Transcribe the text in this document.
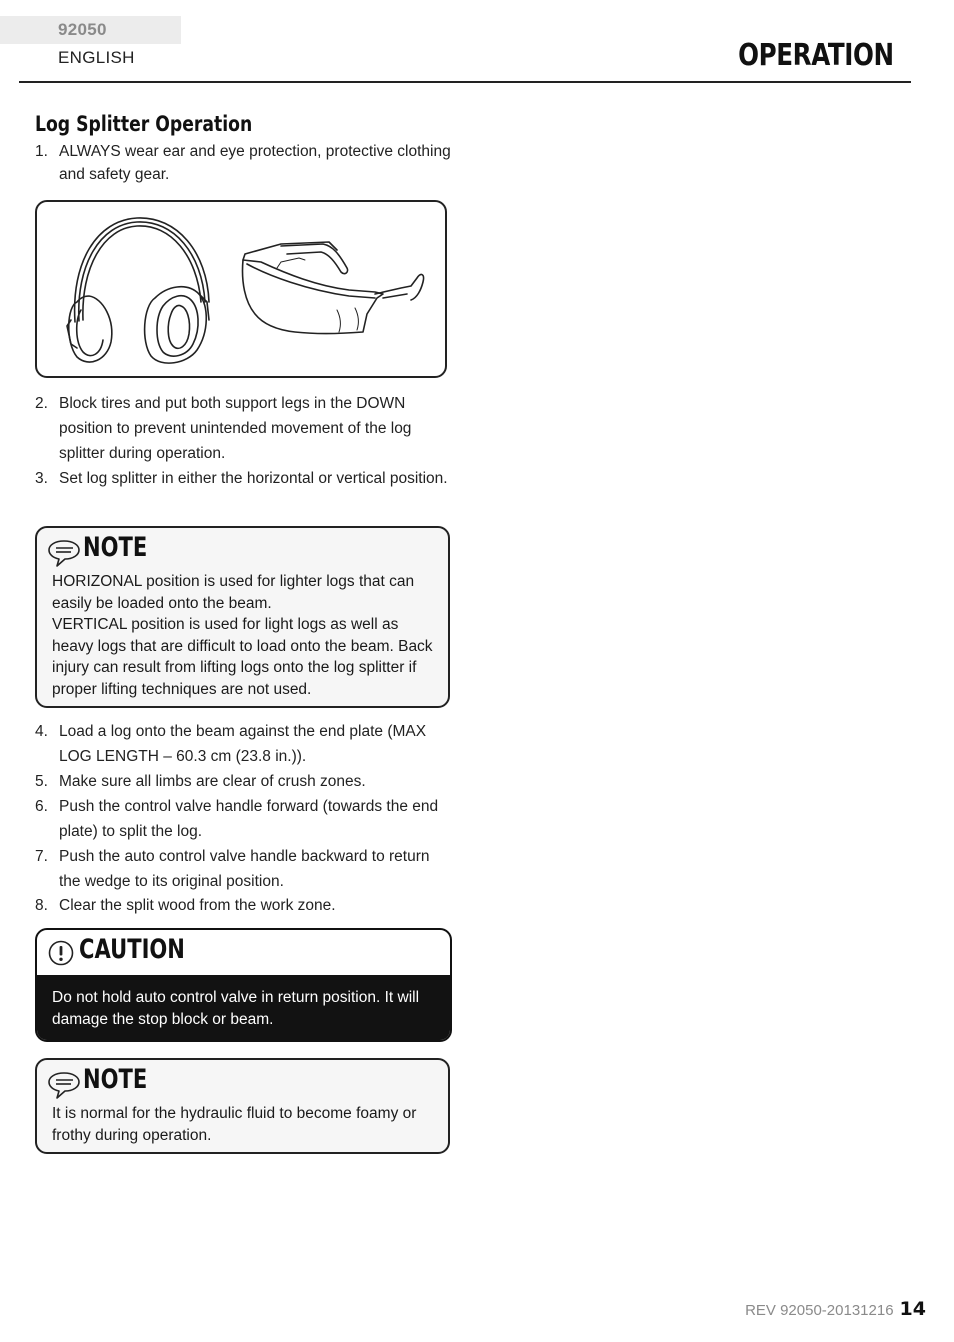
92050 ENGLISH	OPERATION
Log Splitter Operation
1. ALWAYS wear ear and eye protection, protective clothing and safety gear.
2. Block tires and put both support legs in the DOWN position to prevent unintended movement of the log splitter during operation.
3. Set log splitter in either the horizontal or vertical position.
NOTE

HORIZONAL position is used for lighter logs that can easily be loaded onto the beam.

VERTICAL position is used for light logs as well as heavy logs that are difficult to load onto the beam. Back injury can result from lifting logs onto the log splitter if proper lifting techniques are not used.

4. Load a log onto the beam against the end plate (MAX LOG LENGTH – 60.3 cm (23.8 in.)).
5. Make sure all limbs are clear of crush zones.
6. Push the control valve handle forward (towards the end plate) to split the log.
7. Push the auto control valve handle backward to return the wedge to its original position.
8. Clear the split wood from the work zone.
CAUTION
Do not hold auto control valve in return position. It will damage the stop block or beam.
NOTE

It is normal for the hydraulic fluid to become foamy or frothy during operation.

REV 92050-20131216 14
